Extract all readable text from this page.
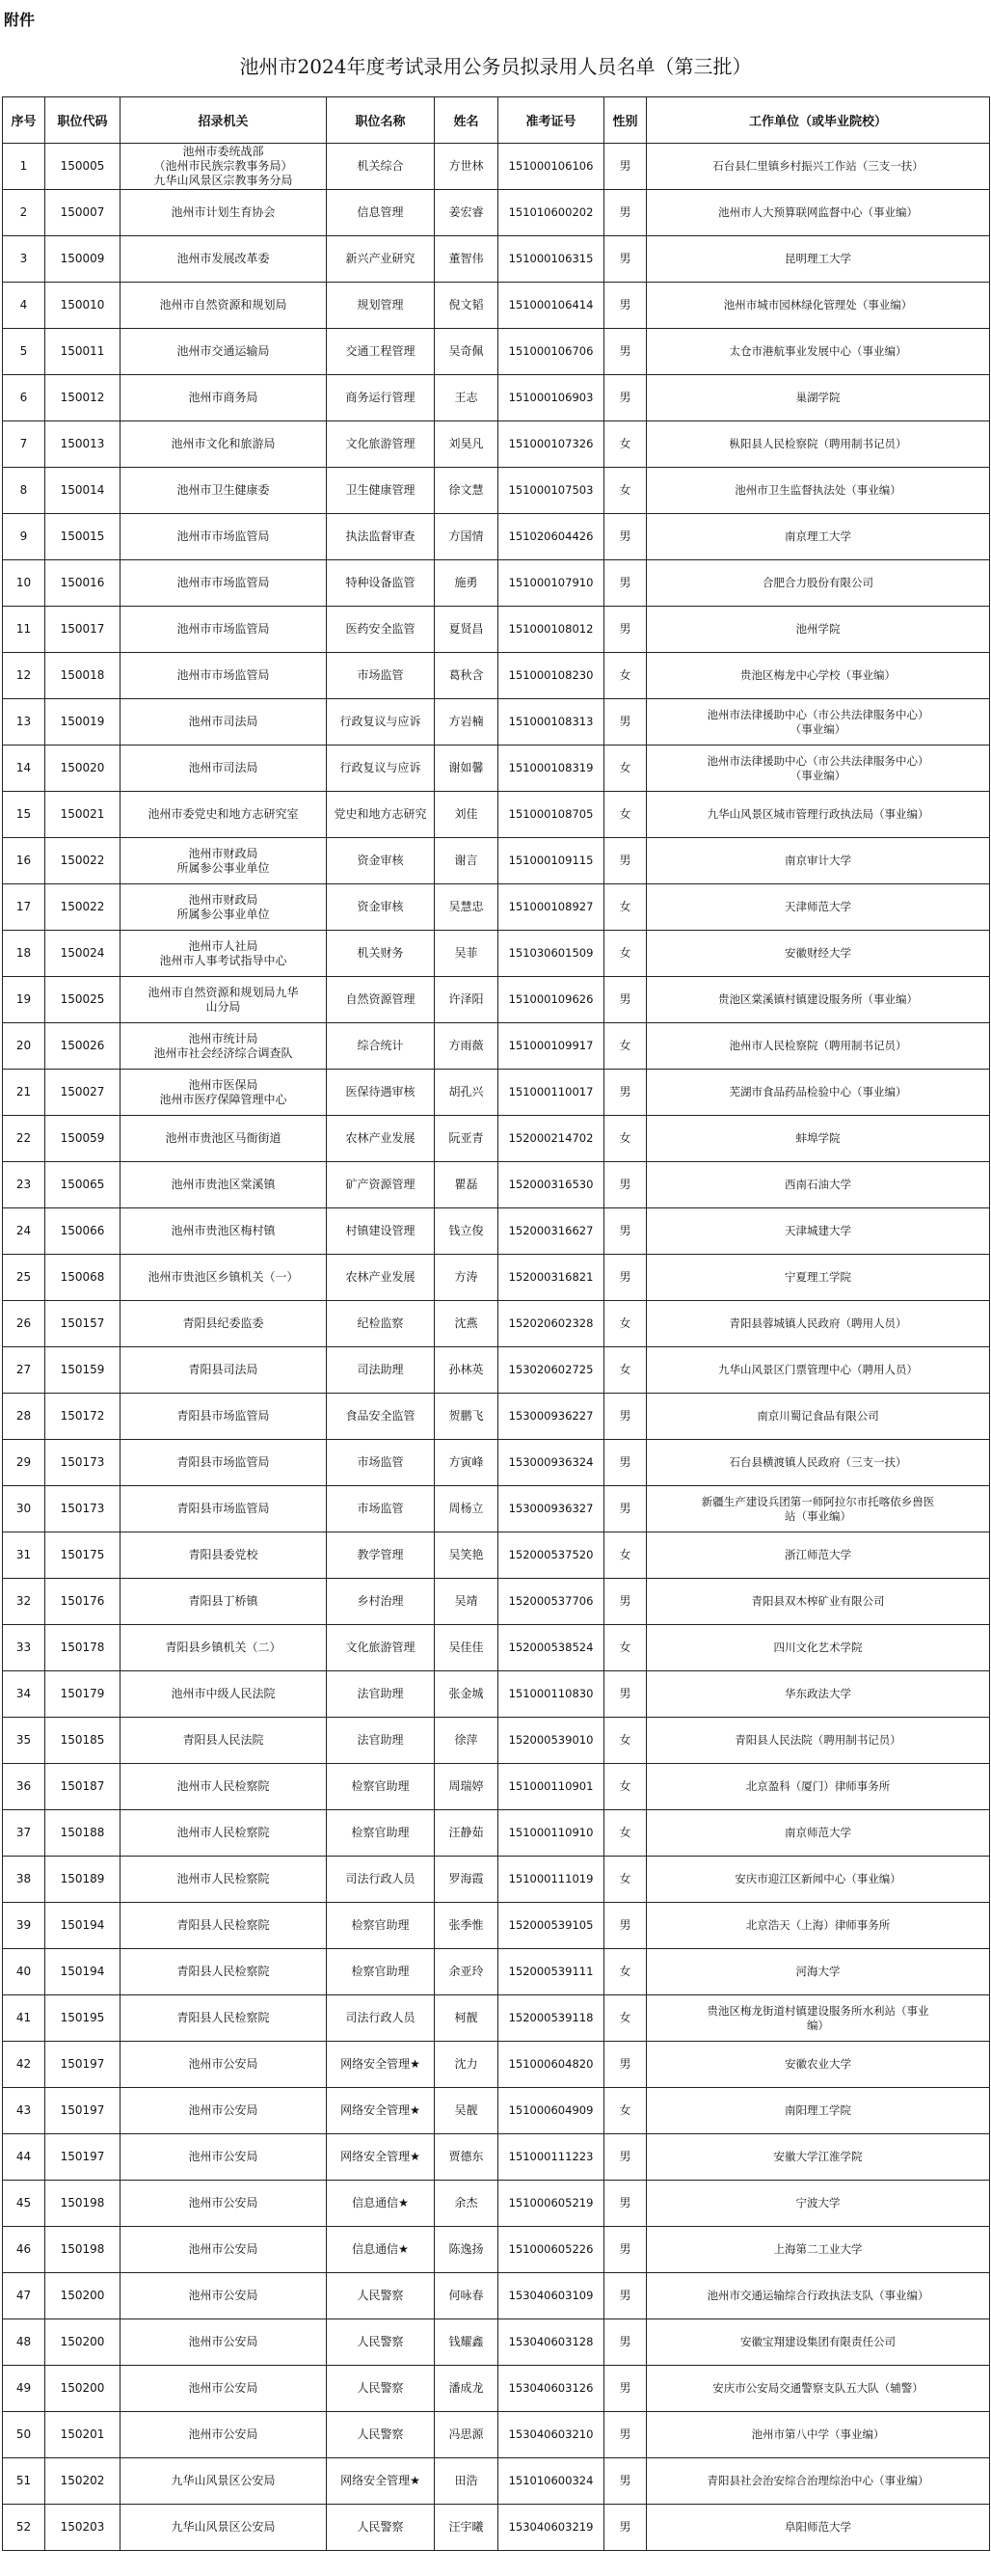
附件
池州市2024年度考试录用公务员拟录用人员名单（第三批）
序号	职位代码	招录机关	职位名称	姓名	准考证号	性别	工作单位（或毕业院校）
1	150005	池州市委统战部
（池州市民族宗教事务局）
九华山风景区宗教事务分局	机关综合	方世林	151000106106	男	石台县仁里镇乡村振兴工作站（三支一扶）
2	150007	池州市计划生育协会	信息管理	姜宏睿	151010600202	男	池州市人大预算联网监督中心（事业编）
3	150009	池州市发展改革委	新兴产业研究	董智伟	151000106315	男	昆明理工大学
4	150010	池州市自然资源和规划局	规划管理	倪文韬	151000106414	男	池州市城市园林绿化管理处（事业编）
5	150011	池州市交通运输局	交通工程管理	吴奇佩	151000106706	男	太仓市港航事业发展中心（事业编）
6	150012	池州市商务局	商务运行管理	王志	151000106903	男	巢湖学院
7	150013	池州市文化和旅游局	文化旅游管理	刘昊凡	151000107326	女	枞阳县人民检察院（聘用制书记员）
8	150014	池州市卫生健康委	卫生健康管理	徐文慧	151000107503	女	池州市卫生监督执法处（事业编）
9	150015	池州市市场监管局	执法监督审查	方国情	151020604426	男	南京理工大学
10	150016	池州市市场监管局	特种设备监管	施勇	151000107910	男	合肥合力股份有限公司
11	150017	池州市市场监管局	医药安全监管	夏贤昌	151000108012	男	池州学院
12	150018	池州市市场监管局	市场监管	葛秋含	151000108230	女	贵池区梅龙中心学校（事业编）
13	150019	池州市司法局	行政复议与应诉	方岩楠	151000108313	男	池州市法律援助中心（市公共法律服务中心）
（事业编）
14	150020	池州市司法局	行政复议与应诉	谢如馨	151000108319	女	池州市法律援助中心（市公共法律服务中心）
（事业编）
15	150021	池州市委党史和地方志研究室	党史和地方志研究	刘佳	151000108705	女	九华山风景区城市管理行政执法局（事业编）
16	150022	池州市财政局
所属参公事业单位	资金审核	谢言	151000109115	男	南京审计大学
17	150022	池州市财政局
所属参公事业单位	资金审核	吴慧忠	151000108927	女	天津师范大学
18	150024	池州市人社局
池州市人事考试指导中心	机关财务	吴菲	151030601509	女	安徽财经大学
19	150025	池州市自然资源和规划局九华
山分局	自然资源管理	许泽阳	151000109626	男	贵池区棠溪镇村镇建设服务所（事业编）
20	150026	池州市统计局
池州市社会经济综合调查队	综合统计	方雨薇	151000109917	女	池州市人民检察院（聘用制书记员）
21	150027	池州市医保局
池州市医疗保障管理中心	医保待遇审核	胡孔兴	151000110017	男	芜湖市食品药品检验中心（事业编）
22	150059	池州市贵池区马衙街道	农林产业发展	阮亚青	152000214702	女	蚌埠学院
23	150065	池州市贵池区棠溪镇	矿产资源管理	瞿磊	152000316530	男	西南石油大学
24	150066	池州市贵池区梅村镇	村镇建设管理	钱立俊	152000316627	男	天津城建大学
25	150068	池州市贵池区乡镇机关（一）	农林产业发展	方涛	152000316821	男	宁夏理工学院
26	150157	青阳县纪委监委	纪检监察	沈燕	152020602328	女	青阳县蓉城镇人民政府（聘用人员）
27	150159	青阳县司法局	司法助理	孙林英	153020602725	女	九华山风景区门票管理中心（聘用人员）
28	150172	青阳县市场监管局	食品安全监管	贺鹏飞	153000936227	男	南京川蜀记食品有限公司
29	150173	青阳县市场监管局	市场监管	方寅峰	153000936324	男	石台县横渡镇人民政府（三支一扶）
30	150173	青阳县市场监管局	市场监管	周杨立	153000936327	男	新疆生产建设兵团第一师阿拉尔市托喀依乡兽医
站（事业编）
31	150175	青阳县委党校	教学管理	吴笑艳	152000537520	女	浙江师范大学
32	150176	青阳县丁桥镇	乡村治理	吴靖	152000537706	男	青阳县双木榨矿业有限公司
33	150178	青阳县乡镇机关（二）	文化旅游管理	吴佳佳	152000538524	女	四川文化艺术学院
34	150179	池州市中级人民法院	法官助理	张金城	151000110830	男	华东政法大学
35	150185	青阳县人民法院	法官助理	徐萍	152000539010	女	青阳县人民法院（聘用制书记员）
36	150187	池州市人民检察院	检察官助理	周瑞婷	151000110901	女	北京盈科（厦门）律师事务所
37	150188	池州市人民检察院	检察官助理	汪静茹	151000110910	女	南京师范大学
38	150189	池州市人民检察院	司法行政人员	罗海霞	151000111019	女	安庆市迎江区新闻中心（事业编）
39	150194	青阳县人民检察院	检察官助理	张季惟	152000539105	男	北京浩天（上海）律师事务所
40	150194	青阳县人民检察院	检察官助理	余亚玲	152000539111	女	河海大学
41	150195	青阳县人民检察院	司法行政人员	柯靓	152000539118	女	贵池区梅龙街道村镇建设服务所水利站（事业
编）
42	150197	池州市公安局	网络安全管理★	沈力	151000604820	男	安徽农业大学
43	150197	池州市公安局	网络安全管理★	吴靓	151000604909	女	南阳理工学院
44	150197	池州市公安局	网络安全管理★	贾德东	151000111223	男	安徽大学江淮学院
45	150198	池州市公安局	信息通信★	余杰	151000605219	男	宁波大学
46	150198	池州市公安局	信息通信★	陈逸扬	151000605226	男	上海第二工业大学
47	150200	池州市公安局	人民警察	何咏春	153040603109	男	池州市交通运输综合行政执法支队（事业编）
48	150200	池州市公安局	人民警察	钱耀鑫	153040603128	男	安徽宝翔建设集团有限责任公司
49	150200	池州市公安局	人民警察	潘成龙	153040603126	男	安庆市公安局交通警察支队五大队（辅警）
50	150201	池州市公安局	人民警察	冯思源	153040603210	男	池州市第八中学（事业编）
51	150202	九华山风景区公安局	网络安全管理★	田浩	151010600324	男	青阳县社会治安综合治理综治中心（事业编）
52	150203	九华山风景区公安局	人民警察	汪宇曦	153040603219	男	阜阳师范大学
